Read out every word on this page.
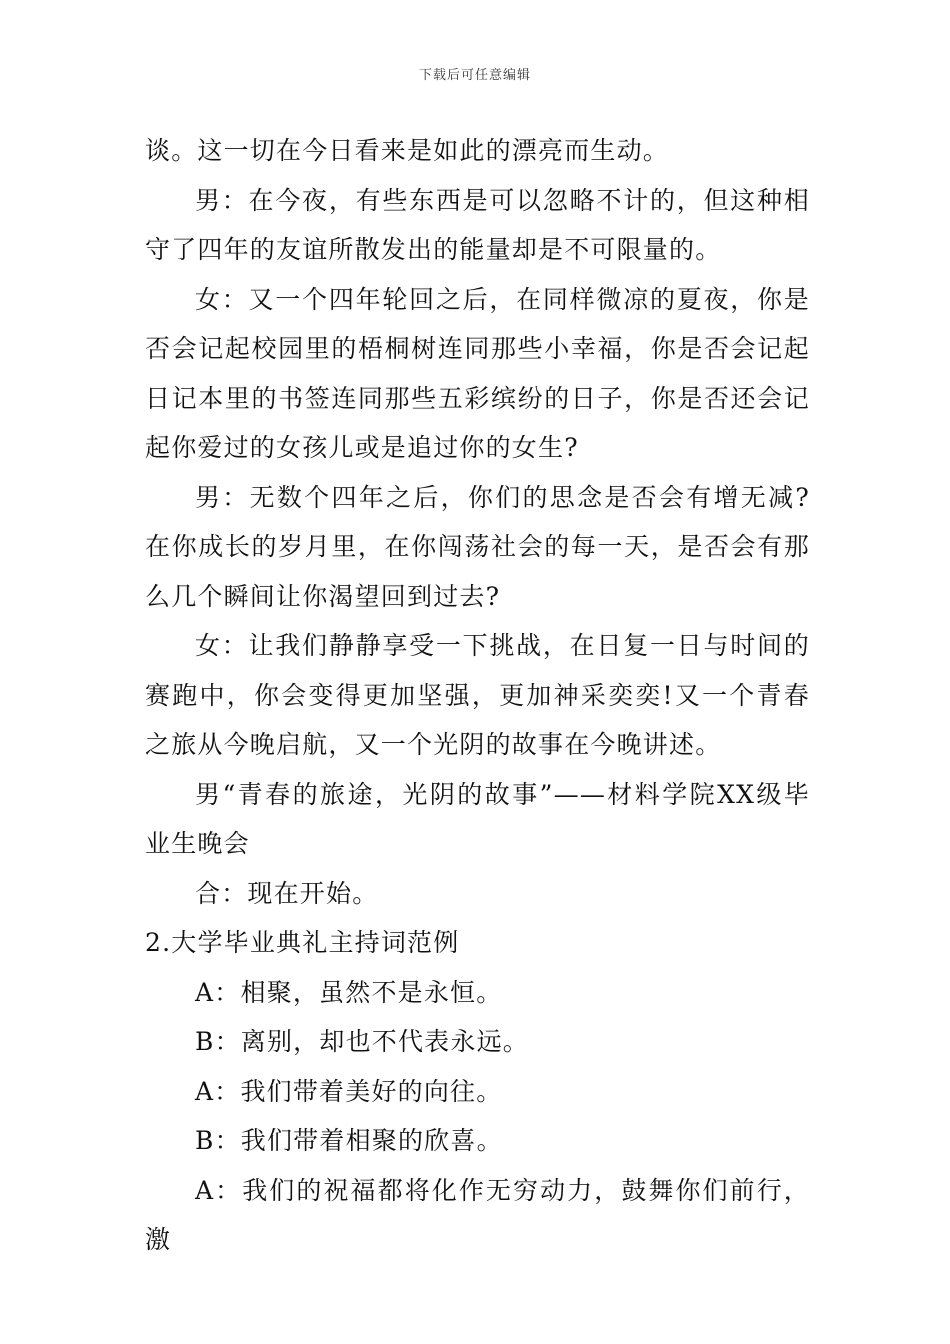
下载后可任意编辑

谈。这一切在今日看来是如此的漂亮而生动。

男：在今夜，有些东西是可以忽略不计的，但这种相守了四年的友谊所散发出的能量却是不可限量的。

女：又一个四年轮回之后，在同样微凉的夏夜，你是否会记起校园里的梧桐树连同那些小幸福，你是否会记起日记本里的书签连同那些五彩缤纷的日子，你是否还会记起你爱过的女孩儿或是追过你的女生?

男：无数个四年之后，你们的思念是否会有增无减?在你成长的岁月里，在你闯荡社会的每一天，是否会有那么几个瞬间让你渴望回到过去?

女：让我们静静享受一下挑战，在日复一日与时间的赛跑中，你会变得更加坚强，更加神采奕奕!又一个青春之旅从今晚启航，又一个光阴的故事在今晚讲述。

男“青春的旅途，光阴的故事”——材料学院XX级毕业生晚会

合：现在开始。

2.大学毕业典礼主持词范例

A：相聚，虽然不是永恒。

B：离别，却也不代表永远。

A：我们带着美好的向往。

B：我们带着相聚的欣喜。

A：我们的祝福都将化作无穷动力，鼓舞你们前行，激
